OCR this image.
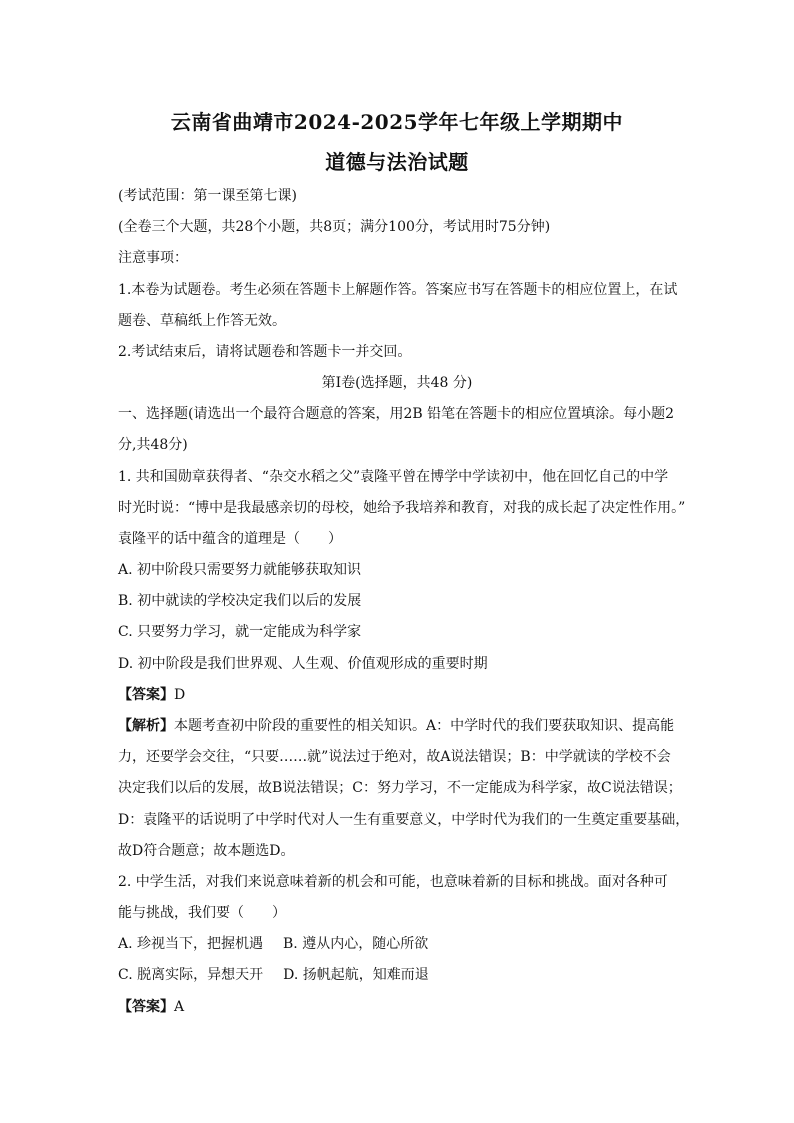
云南省曲靖市2024-2025学年七年级上学期期中
道德与法治试题
(考试范围：第一课至第七课)
(全卷三个大题，共28个小题，共8页；满分100分，考试用时75分钟)
注意事项：
1.本卷为试题卷。考生必须在答题卡上解题作答。答案应书写在答题卡的相应位置上，在试
题卷、草稿纸上作答无效。
2.考试结束后，请将试题卷和答题卡一并交回。
第Ⅰ卷(选择题，共48 分)
一、选择题(请选出一个最符合题意的答案，用2B 铅笔在答题卡的相应位置填涂。每小题2
分,共48分)
1. 共和国勋章获得者、“杂交水稻之父”袁隆平曾在博学中学读初中，他在回忆自己的中学
时光时说：“博中是我最感亲切的母校，她给予我培养和教育，对我的成长起了决定性作用。”
袁隆平的话中蕴含的道理是（　　）
A. 初中阶段只需要努力就能够获取知识
B. 初中就读的学校决定我们以后的发展
C. 只要努力学习，就一定能成为科学家
D. 初中阶段是我们世界观、人生观、价值观形成的重要时期
【答案】D
【解析】本题考查初中阶段的重要性的相关知识。A：中学时代的我们要获取知识、提高能
力，还要学会交往，“只要……就”说法过于绝对，故A说法错误；B：中学就读的学校不会
决定我们以后的发展，故B说法错误；C：努力学习，不一定能成为科学家，故C说法错误；
D：袁隆平的话说明了中学时代对人一生有重要意义，中学时代为我们的一生奠定重要基础，
故D符合题意；故本题选D。
2. 中学生活，对我们来说意味着新的机会和可能，也意味着新的目标和挑战。面对各种可
能与挑战，我们要（　　）
A. 珍视当下，把握机遇 B. 遵从内心，随心所欲
C. 脱离实际，异想天开 D. 扬帆起航，知难而退
【答案】A
